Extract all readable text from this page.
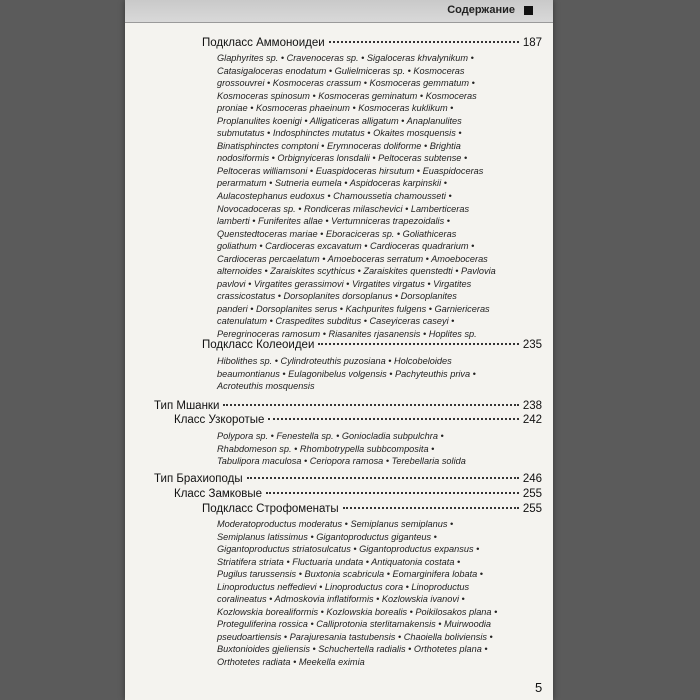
Содержание
Подкласс Аммоноидеи	187
Glaphyrites sp. • Cravenoceras sp. • Sigaloceras khvalynikum •
Catasigaloceras enodatum • Gulielmiceras sp. • Kosmoceras
grossouvrei • Kosmoceras crassum • Kosmoceras gemmatum •
Kosmoceras spinosum • Kosmoceras geminatum • Kosmoceras
proniae • Kosmoceras phaeinum • Kosmoceras kuklikum •
Proplanulites koenigi • Alligaticeras alligatum • Anaplanulites
submutatus • Indosphinctes mutatus • Okaites mosquensis •
Binatisphinctes comptoni • Erymnoceras doliforme • Brightia
nodosiformis • Orbignyiceras lonsdalii • Peltoceras subtense •
Peltoceras williamsoni • Euaspidoceras hirsutum • Euaspidoceras
perarmatum • Sutneria eumela • Aspidoceras karpinskii •
Aulacostephanus eudoxus • Chamoussetia chamousseti •
Novocadoceras sp. • Rondiceras milaschevici • Lamberticeras
lamberti • Funiferites allae • Vertumniceras trapezoidalis •
Quenstedtoceras mariae • Eboraciceras sp. • Goliathiceras
goliathum • Cardioceras excavatum • Cardioceras quadrarium •
Cardioceras percaelatum • Amoeboceras serratum • Amoeboceras
alternoides • Zaraiskites scythicus • Zaraiskites quenstedti • Pavlovia
pavlovi • Virgatites gerassimovi • Virgatites virgatus • Virgatites
crassicostatus • Dorsoplanites dorsoplanus • Dorsoplanites
panderi • Dorsoplanites serus • Kachpurites fulgens • Garniericeras
catenulatum • Craspedites subditus • Caseyiceras caseyi •
Peregrinoceras ramosum • Riasanites rjasanensis • Hoplites sp.
Подкласс Колеоидеи	235
Hibolithes sp. • Cylindroteuthis puzosiana • Holcobeloides
beaumontianus • Eulagonibelus volgensis • Pachyteuthis priva •
Acroteuthis mosquensis
Тип Мшанки	238
Класс Узкоротые	242
Polypora sp. • Fenestella sp. • Goniocladia subpulchra •
Rhabdomeson sp. • Rhombotrypella subbcomposita •
Tabulipora maculosa • Ceriopora ramosa • Terebellaria solida
Тип Брахиоподы	246
Класс Замковые	255
Подкласс Строфоменаты	255
Moderatoproductus moderatus • Semiplanus semiplanus •
Semiplanus latissimus • Gigantoproductus giganteus •
Gigantoproductus striatosulcatus • Gigantoproductus expansus •
Striatifera striata • Fluctuaria undata • Antiquatonia costata •
Pugilus tarussensis • Buxtonia scabricula • Eomarginifera lobata •
Linoproductus neffedievi • Linoproductus cora • Linoproductus
coralineatus • Admoskovia inflatiformis • Kozlowskia ivanovi •
Kozlowskia borealiformis • Kozlowskia borealis • Poikilosakos plana •
Proteguliferina rossica • Calliprotonia sterlitamakensis • Muirwoodia
pseudoartiensis • Parajuresania tastubensis • Chaoiella boliviensis •
Buxtonioides gjeliensis • Schuchertella radialis • Orthotetes plana •
Orthotetes radiata • Meekella eximia
5
